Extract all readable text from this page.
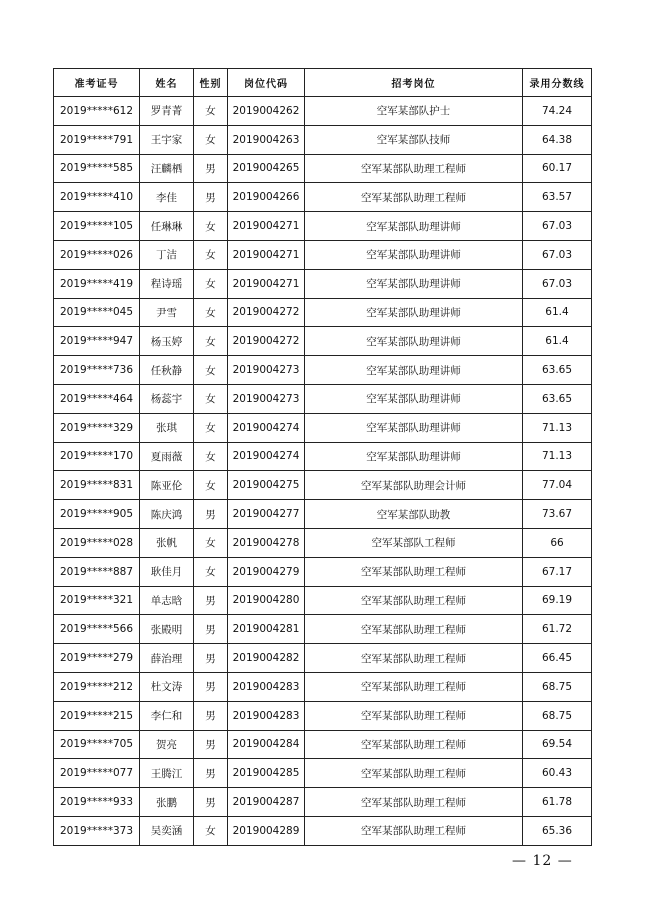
准考证号	姓名	性别	岗位代码	招考岗位	录用分数线
2019*****612	罗青菁	女	2019004262	空军某部队护士	74.24
2019*****791	王宇家	女	2019004263	空军某部队技师	64.38
2019*****585	汪麟栖	男	2019004265	空军某部队助理工程师	60.17
2019*****410	李佳	男	2019004266	空军某部队助理工程师	63.57
2019*****105	任琳琳	女	2019004271	空军某部队助理讲师	67.03
2019*****026	丁洁	女	2019004271	空军某部队助理讲师	67.03
2019*****419	程诗瑶	女	2019004271	空军某部队助理讲师	67.03
2019*****045	尹雪	女	2019004272	空军某部队助理讲师	61.4
2019*****947	杨玉婷	女	2019004272	空军某部队助理讲师	61.4
2019*****736	任秋静	女	2019004273	空军某部队助理讲师	63.65
2019*****464	杨蕊宇	女	2019004273	空军某部队助理讲师	63.65
2019*****329	张琪	女	2019004274	空军某部队助理讲师	71.13
2019*****170	夏雨薇	女	2019004274	空军某部队助理讲师	71.13
2019*****831	陈亚伦	女	2019004275	空军某部队助理会计师	77.04
2019*****905	陈庆鸿	男	2019004277	空军某部队助教	73.67
2019*****028	张帆	女	2019004278	空军某部队工程师	66
2019*****887	耿佳月	女	2019004279	空军某部队助理工程师	67.17
2019*****321	单志晗	男	2019004280	空军某部队助理工程师	69.19
2019*****566	张殿明	男	2019004281	空军某部队助理工程师	61.72
2019*****279	薛治理	男	2019004282	空军某部队助理工程师	66.45
2019*****212	杜文涛	男	2019004283	空军某部队助理工程师	68.75
2019*****215	李仁和	男	2019004283	空军某部队助理工程师	68.75
2019*****705	贺亮	男	2019004284	空军某部队助理工程师	69.54
2019*****077	王腾江	男	2019004285	空军某部队助理工程师	60.43
2019*****933	张鹏	男	2019004287	空军某部队助理工程师	61.78
2019*****373	吴奕涵	女	2019004289	空军某部队助理工程师	65.36
— 12 —
